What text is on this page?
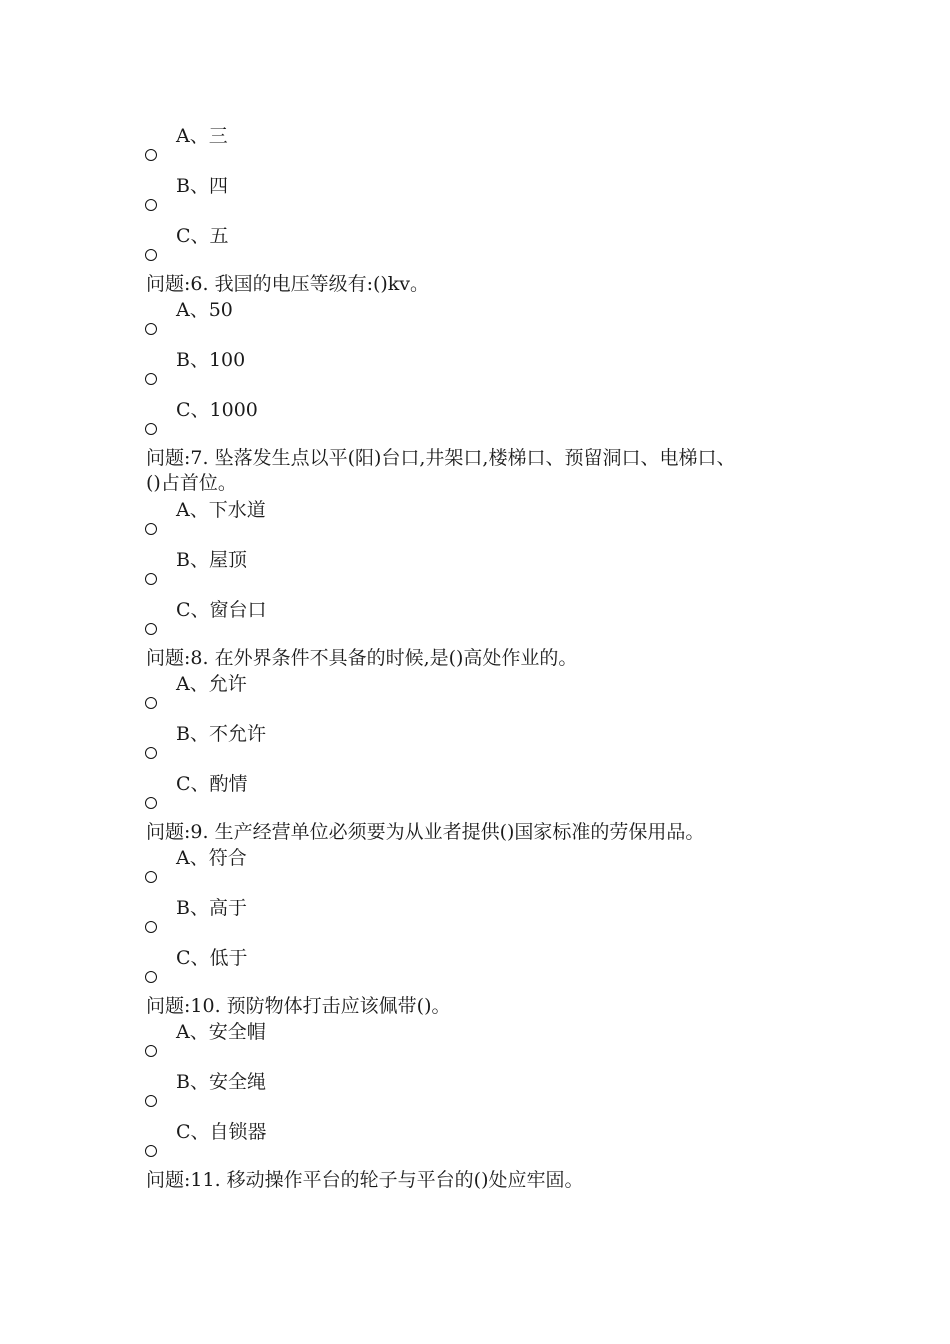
A、三
B、四
C、五
问题:6. 我国的电压等级有:()kv。
A、50
B、100
C、1000
问题:7. 坠落发生点以平(阳)台口,井架口,楼梯口、预留洞口、电梯口、
()占首位。
A、下水道
B、屋顶
C、窗台口
问题:8. 在外界条件不具备的时候,是()高处作业的。
A、允许
B、不允许
C、酌情
问题:9. 生产经营单位必须要为从业者提供()国家标准的劳保用品。
A、符合
B、高于
C、低于
问题:10. 预防物体打击应该佩带()。
A、安全帽
B、安全绳
C、自锁器
问题:11. 移动操作平台的轮子与平台的()处应牢固。
